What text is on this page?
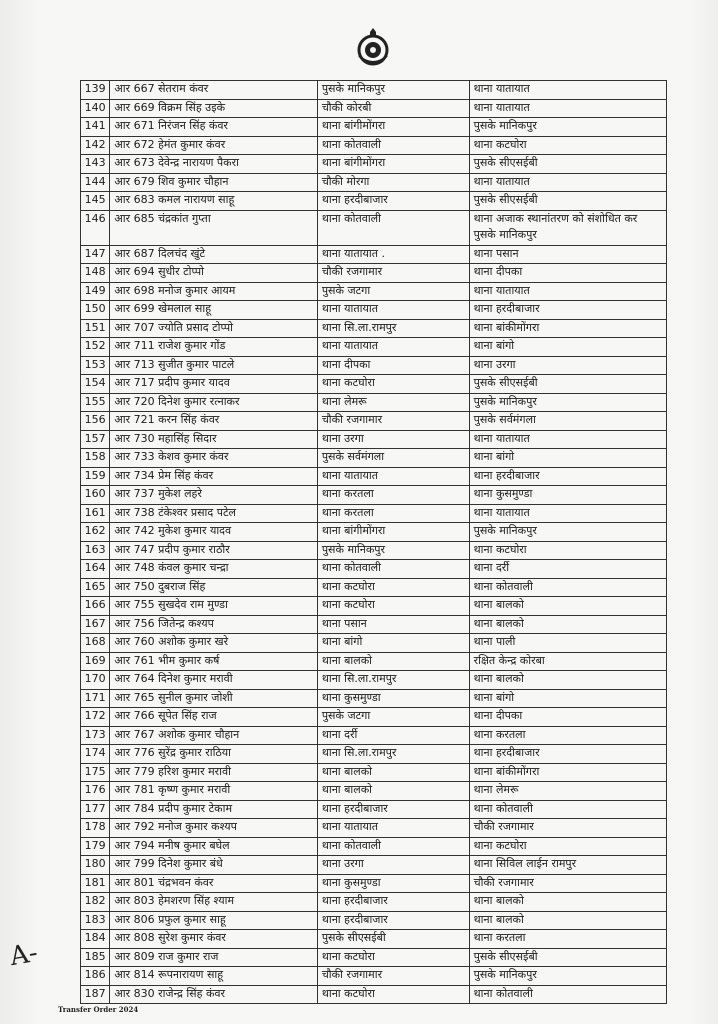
139	आर 667 सेतराम कंवर	पुसके मानिकपुर	थाना यातायात
140	आर 669 विक्रम सिंह उइके	चौकी कोरबी	थाना यातायात
141	आर 671 निरंजन सिंह कंवर	थाना बांगीमोंगरा	पुसके मानिकपुर
142	आर 672 हेमंत कुमार कंवर	थाना कोतवाली	थाना कटघोरा
143	आर 673 देवेन्द्र नारायण पैकरा	थाना बांगीमोंगरा	पुसके सीएसईबी
144	आर 679 शिव कुमार चौहान	चौकी मोरगा	थाना यातायात
145	आर 683 कमल नारायण साहू	थाना हरदीबाजार	पुसके सीएसईबी
146	आर 685 चंद्रकांत गुप्ता	थाना कोतवाली	थाना अजाक स्थानांतरण को संशोधित कर पुसके मानिकपुर
147	आर 687 दिलचंद खुंटे	थाना यातायात .	थाना पसान
148	आर 694 सुधीर टोप्पो	चौकी रजगामार	थाना दीपका
149	आर 698 मनोज कुमार आयम	पुसके जटगा	थाना यातायात
150	आर 699 खेमलाल साहू	थाना यातायात	थाना हरदीबाजार
151	आर 707 ज्योति प्रसाद टोप्पो	थाना सि.ला.रामपुर	थाना बांकीमोंगरा
152	आर 711 राजेश कुमार गोंड	थाना यातायात	थाना बांगो
153	आर 713 सुजीत कुमार पाटले	थाना दीपका	थाना उरगा
154	आर 717 प्रदीप कुमार यादव	थाना कटघोरा	पुसके सीएसईबी
155	आर 720 दिनेश कुमार रत्नाकर	थाना लेमरू	पुसके मानिकपुर
156	आर 721 करन सिंह कंवर	चौकी रजगामार	पुसके सर्वमंगला
157	आर 730 महासिंह सिदार	थाना उरगा	थाना यातायात
158	आर 733 केशव कुमार कंवर	पुसके सर्वमंगला	थाना बांगो
159	आर 734 प्रेम सिंह कंवर	थाना यातायात	थाना हरदीबाजार
160	आर 737 मुकेश लहरे	थाना करतला	थाना कुसमुण्डा
161	आर 738 टंकेश्वर प्रसाद पटेल	थाना करतला	थाना यातायात
162	आर 742 मुकेश कुमार यादव	थाना बांगीमोंगरा	पुसके मानिकपुर
163	आर 747 प्रदीप कुमार राठौर	पुसके मानिकपुर	थाना कटघोरा
164	आर 748 कंवल कुमार चन्द्रा	थाना कोतवाली	थाना दर्री
165	आर 750 दुबराज सिंह	थाना कटघोरा	थाना कोतवाली
166	आर 755 सुखदेव राम मुण्डा	थाना कटघोरा	थाना बालको
167	आर 756 जितेन्द्र कश्यप	थाना पसान	थाना बालको
168	आर 760 अशोक कुमार खरे	थाना बांगो	थाना पाली
169	आर 761 भीम कुमार कर्ष	थाना बालको	रक्षित केन्द्र कोरबा
170	आर 764 दिनेश कुमार मरावी	थाना सि.ला.रामपुर	थाना बालको
171	आर 765 सुनील कुमार जोशी	थाना कुसमुण्डा	थाना बांगो
172	आर 766 सूपेत सिंह राज	पुसके जटगा	थाना दीपका
173	आर 767 अशोक कुमार चौहान	थाना दर्री	थाना करतला
174	आर 776 सुरेंद्र कुमार राठिया	थाना सि.ला.रामपुर	थाना हरदीबाजार
175	आर 779 हरिश कुमार मरावी	थाना बालको	थाना बांकीमोंगरा
176	आर 781 कृष्ण कुमार मरावी	थाना बालको	थाना लेमरू
177	आर 784 प्रदीप कुमार टेकाम	थाना हरदीबाजार	थाना कोतवाली
178	आर 792 मनोज कुमार कश्यप	थाना यातायात	चौकी रजगामार
179	आर 794 मनीष कुमार बघेल	थाना कोतवाली	थाना कटघोरा
180	आर 799 दिनेश कुमार बंधे	थाना उरगा	थाना सिविल लाईन रामपुर
181	आर 801 चंद्रभवन कंवर	थाना कुसमुण्डा	चौकी रजगामार
182	आर 803 हेमशरण सिंह श्याम	थाना हरदीबाजार	थाना बालको
183	आर 806 प्रफुल कुमार साहू	थाना हरदीबाजार	थाना बालको
184	आर 808 सुरेश कुमार कंवर	पुसके सीएसईबी	थाना करतला
185	आर 809 राज कुमार राज	थाना कटघोरा	पुसके सीएसईबी
186	आर 814 रूपनारायण साहू	चौकी रजगामार	पुसके मानिकपुर
187	आर 830 राजेन्द्र सिंह कंवर	थाना कटघोरा	थाना कोतवाली
A-
Transfer Order 2024
